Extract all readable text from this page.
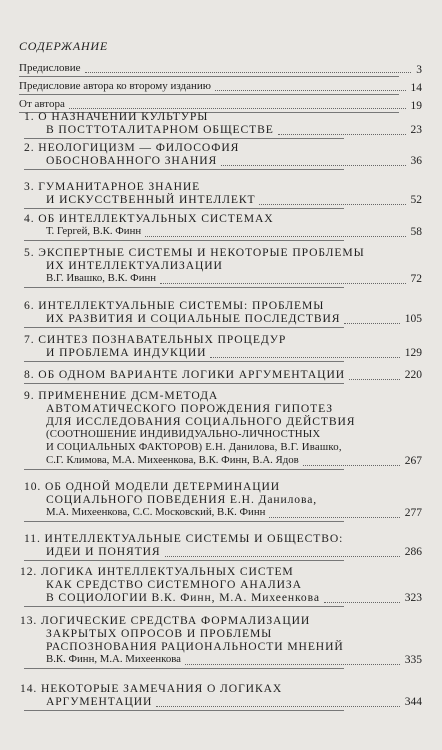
СОДЕРЖАНИЕ
Предисловие	3
Предисловие автора ко второму изданию	14
От автора	19
1. О НАЗНАЧЕНИИ КУЛЬТУРЫ
В ПОСТТОТАЛИТАРНОМ ОБЩЕСТВЕ	23
2. НЕОЛОГИЦИЗМ — ФИЛОСОФИЯ
ОБОСНОВАННОГО ЗНАНИЯ	36
3. ГУМАНИТАРНОЕ ЗНАНИЕ
И ИСКУССТВЕННЫЙ ИНТЕЛЛЕКТ	52
4. ОБ ИНТЕЛЛЕКТУАЛЬНЫХ СИСТЕМАХ
Т. Гергей, В.К. Финн	58
5. ЭКСПЕРТНЫЕ СИСТЕМЫ И НЕКОТОРЫЕ ПРОБЛЕМЫ
ИХ ИНТЕЛЛЕКТУАЛИЗАЦИИ
В.Г. Ивашко, В.К. Финн	72
6. ИНТЕЛЛЕКТУАЛЬНЫЕ СИСТЕМЫ: ПРОБЛЕМЫ
ИХ РАЗВИТИЯ И СОЦИАЛЬНЫЕ ПОСЛЕДСТВИЯ	105
7. СИНТЕЗ ПОЗНАВАТЕЛЬНЫХ ПРОЦЕДУР
И ПРОБЛЕМА ИНДУКЦИИ	129
8. ОБ ОДНОМ ВАРИАНТЕ ЛОГИКИ АРГУМЕНТАЦИИ	220
9. ПРИМЕНЕНИЕ ДСМ-МЕТОДА
АВТОМАТИЧЕСКОГО ПОРОЖДЕНИЯ ГИПОТЕЗ
ДЛЯ ИССЛЕДОВАНИЯ СОЦИАЛЬНОГО ДЕЙСТВИЯ
(СООТНОШЕНИЕ ИНДИВИДУАЛЬНО-ЛИЧНОСТНЫХ
И СОЦИАЛЬНЫХ ФАКТОРОВ) Е.Н. Данилова, В.Г. Ивашко,
С.Г. Климова, М.А. Михеенкова, В.К. Финн, В.А. Ядов	267
10. ОБ ОДНОЙ МОДЕЛИ ДЕТЕРМИНАЦИИ
СОЦИАЛЬНОГО ПОВЕДЕНИЯ Е.Н. Данилова,
М.А. Михеенкова, С.С. Московский, В.К. Финн	277
11. ИНТЕЛЛЕКТУАЛЬНЫЕ СИСТЕМЫ И ОБЩЕСТВО:
ИДЕИ И ПОНЯТИЯ	286
12. ЛОГИКА ИНТЕЛЛЕКТУАЛЬНЫХ СИСТЕМ
КАК СРЕДСТВО СИСТЕМНОГО АНАЛИЗА
В СОЦИОЛОГИИ В.К. Финн, М.А. Михеенкова	323
13. ЛОГИЧЕСКИЕ СРЕДСТВА ФОРМАЛИЗАЦИИ
ЗАКРЫТЫХ ОПРОСОВ И ПРОБЛЕМЫ
РАСПОЗНОВАНИЯ РАЦИОНАЛЬНОСТИ МНЕНИЙ
В.К. Финн, М.А. Михеенкова	335
14. НЕКОТОРЫЕ ЗАМЕЧАНИЯ О ЛОГИКАХ
АРГУМЕНТАЦИИ	344
